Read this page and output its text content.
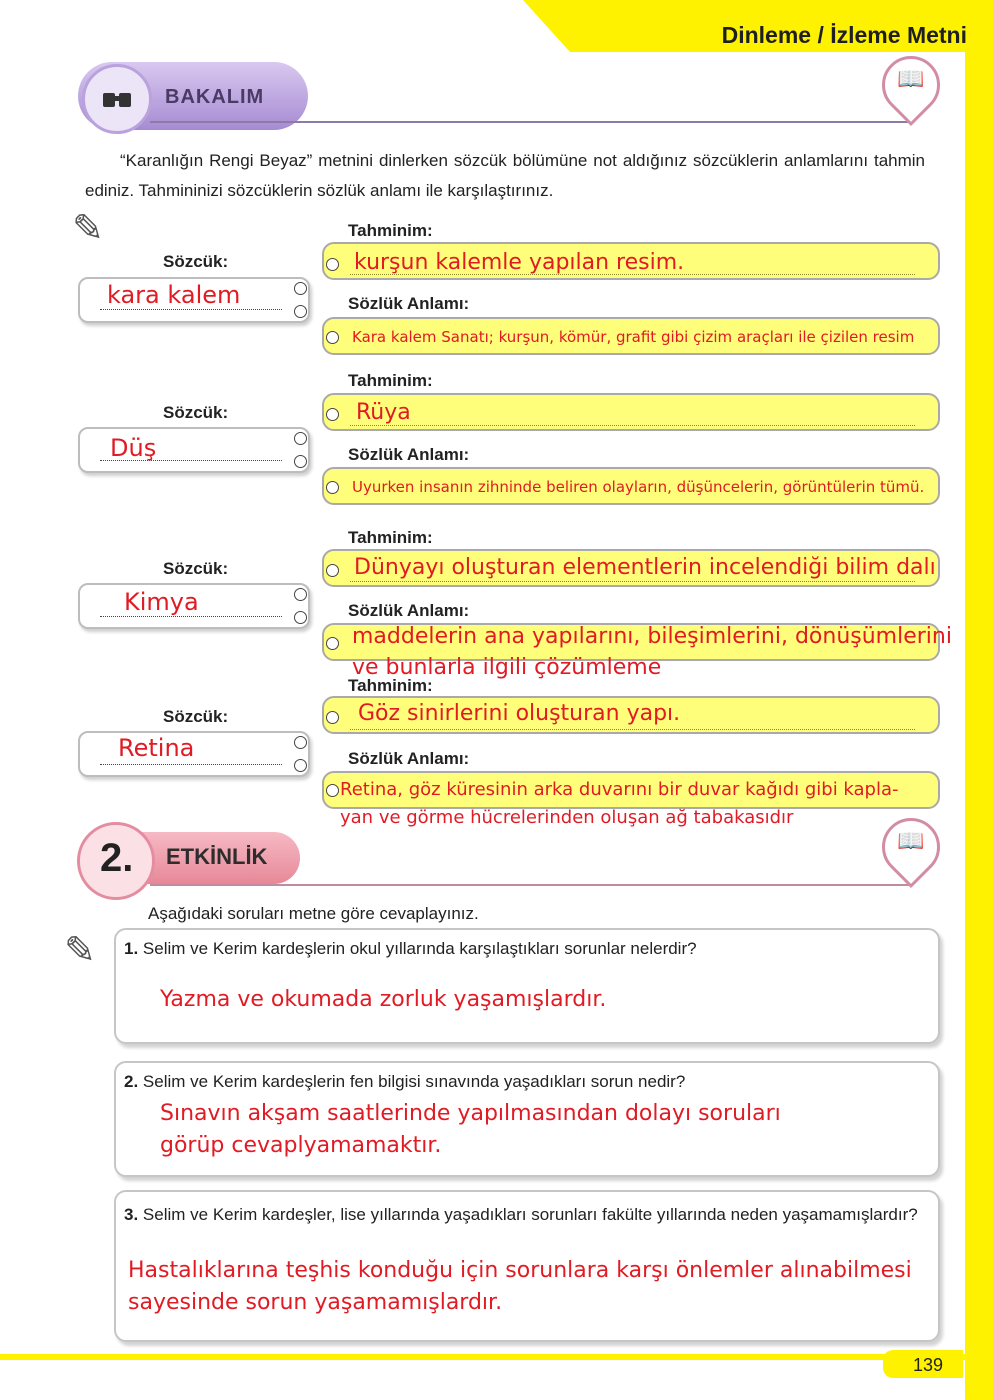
Dinleme / İzleme Metni
139
BAKALIM
📖
“Karanlığın Rengi Beyaz” metnini dinlerken sözcük bölümüne not aldığınız sözcüklerin anlamlarını tahmin ediniz. Tahmininizi sözcüklerin sözlük anlamı ile karşılaştırınız.
✎
Sözcük:
kara kalem
Tahminim:
kurşun kalemle yapılan resim.
Sözlük Anlamı:
Kara kalem Sanatı; kurşun, kömür, grafit gibi çizim araçları ile çizilen resim
Sözcük:
Düş
Tahminim:
Rüya
Sözlük Anlamı:
Uyurken insanın zihninde beliren olayların, düşüncelerin, görüntülerin tümü.
Sözcük:
Kimya
Tahminim:
Dünyayı oluşturan elementlerin incelendiği bilim dalı
Sözlük Anlamı:
maddelerin ana yapılarını, bileşimlerini, dönüşümlerini
ve bunlarla ilgili çözümleme
Sözcük:
Retina
Tahminim:
Göz sinirlerini oluşturan yapı.
Sözlük Anlamı:
Retina, göz küresinin arka duvarını bir duvar kağıdı gibi kapla-
yan ve görme hücrelerinden oluşan ağ tabakasıdır
2. ETKİNLİK
📖
Aşağıdaki soruları metne göre cevaplayınız.
✎ 1. Selim ve Kerim kardeşlerin okul yıllarında karşılaştıkları sorunlar nelerdir?
Yazma ve okumada zorluk yaşamışlardır.
2. Selim ve Kerim kardeşlerin fen bilgisi sınavında yaşadıkları sorun nedir?
Sınavın akşam saatlerinde yapılmasından dolayı soruları
görüp cevaplyamamaktır.
3. Selim ve Kerim kardeşler, lise yıllarında yaşadıkları sorunları fakülte yıllarında neden yaşamamışlardır?
Hastalıklarına teşhis konduğu için sorunlara karşı önlemler alınabilmesi
sayesinde sorun yaşamamışlardır.
